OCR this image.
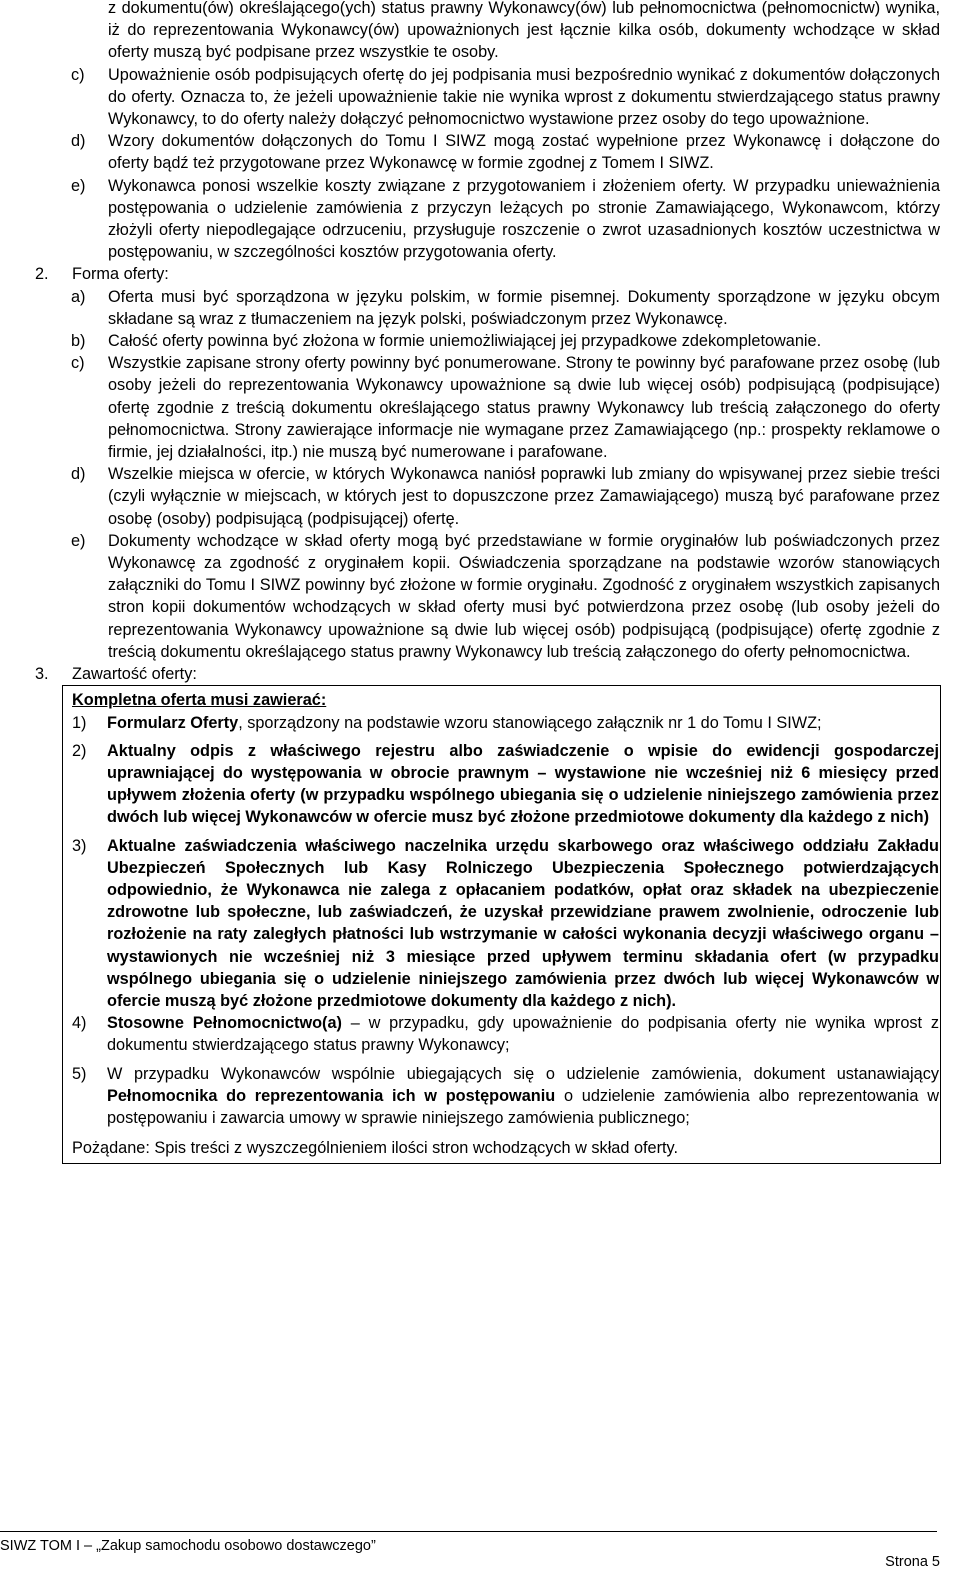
z dokumentu(ów) określającego(ych) status prawny Wykonawcy(ów) lub pełnomocnictwa (pełnomocnictw) wynika, iż do reprezentowania Wykonawcy(ów) upoważnionych jest łącznie kilka osób, dokumenty wchodzące w skład oferty muszą być podpisane przez wszystkie te osoby.
c) Upoważnienie osób podpisujących ofertę do jej podpisania musi bezpośrednio wynikać z dokumentów dołączonych do oferty. Oznacza to, że jeżeli upoważnienie takie nie wynika wprost z dokumentu stwierdzającego status prawny Wykonawcy, to do oferty należy dołączyć pełnomocnictwo wystawione przez osoby do tego upoważnione.
d) Wzory dokumentów dołączonych do Tomu I SIWZ mogą zostać wypełnione przez Wykonawcę i dołączone do oferty bądź też przygotowane przez Wykonawcę w formie zgodnej z Tomem I SIWZ.
e) Wykonawca ponosi wszelkie koszty związane z przygotowaniem i złożeniem oferty. W przypadku unieważnienia postępowania o udzielenie zamówienia z przyczyn leżących po stronie Zamawiającego, Wykonawcom, którzy złożyli oferty niepodlegające odrzuceniu, przysługuje roszczenie o zwrot uzasadnionych kosztów uczestnictwa w postępowaniu, w szczególności kosztów przygotowania oferty.
2. Forma oferty:
a) Oferta musi być sporządzona w języku polskim, w formie pisemnej. Dokumenty sporządzone w języku obcym składane są wraz z tłumaczeniem na język polski, poświadczonym przez Wykonawcę.
b) Całość oferty powinna być złożona w formie uniemożliwiającej jej przypadkowe zdekompletowanie.
c) Wszystkie zapisane strony oferty powinny być ponumerowane. Strony te powinny być parafowane przez osobę (lub osoby jeżeli do reprezentowania Wykonawcy upoważnione są dwie lub więcej osób) podpisującą (podpisujące) ofertę zgodnie z treścią dokumentu określającego status prawny Wykonawcy lub treścią załączonego do oferty pełnomocnictwa. Strony zawierające informacje nie wymagane przez Zamawiającego (np.: prospekty reklamowe o firmie, jej działalności, itp.) nie muszą być numerowane i parafowane.
d) Wszelkie miejsca w ofercie, w których Wykonawca naniósł poprawki lub zmiany do wpisywanej przez siebie treści (czyli wyłącznie w miejscach, w których jest to dopuszczone przez Zamawiającego) muszą być parafowane przez osobę (osoby) podpisującą (podpisującej) ofertę.
e) Dokumenty wchodzące w skład oferty mogą być przedstawiane w formie oryginałów lub poświadczonych przez Wykonawcę za zgodność z oryginałem kopii. Oświadczenia sporządzane na podstawie wzorów stanowiących załączniki do Tomu I SIWZ powinny być złożone w formie oryginału. Zgodność z oryginałem wszystkich zapisanych stron kopii dokumentów wchodzących w skład oferty musi być potwierdzona przez osobę (lub osoby jeżeli do reprezentowania Wykonawcy upoważnione są dwie lub więcej osób) podpisującą (podpisujące) ofertę zgodnie z treścią dokumentu określającego status prawny Wykonawcy lub treścią załączonego do oferty pełnomocnictwa.
3. Zawartość oferty:
Kompletna oferta musi zawierać:
1) Formularz Oferty, sporządzony na podstawie wzoru stanowiącego załącznik nr 1 do Tomu I SIWZ;
2) Aktualny odpis z właściwego rejestru albo zaświadczenie o wpisie do ewidencji gospodarczej uprawniającej do występowania w obrocie prawnym – wystawione nie wcześniej niż 6 miesięcy przed upływem złożenia oferty (w przypadku wspólnego ubiegania się o udzielenie niniejszego zamówienia przez dwóch lub więcej Wykonawców w ofercie musz być złożone przedmiotowe dokumenty dla każdego z nich)
3) Aktualne zaświadczenia właściwego naczelnika urzędu skarbowego oraz właściwego oddziału Zakładu Ubezpieczeń Społecznych lub Kasy Rolniczego Ubezpieczenia Społecznego potwierdzających odpowiednio, że Wykonawca nie zalega z opłacaniem podatków, opłat oraz składek na ubezpieczenie zdrowotne lub społeczne, lub zaświadczeń, że uzyskał przewidziane prawem zwolnienie, odroczenie lub rozłożenie na raty zaległych płatności lub wstrzymanie w całości wykonania decyzji właściwego organu – wystawionych nie wcześniej niż 3 miesiące przed upływem terminu składania ofert (w przypadku wspólnego ubiegania się o udzielenie niniejszego zamówienia przez dwóch lub więcej Wykonawców w ofercie muszą być złożone przedmiotowe dokumenty dla każdego z nich).
4) Stosowne Pełnomocnictwo(a) – w przypadku, gdy upoważnienie do podpisania oferty nie wynika wprost z dokumentu stwierdzającego status prawny Wykonawcy;
5) W przypadku Wykonawców wspólnie ubiegających się o udzielenie zamówienia, dokument ustanawiający Pełnomocnika do reprezentowania ich w postępowaniu o udzielenie zamówienia albo reprezentowania w postępowaniu i zawarcia umowy w sprawie niniejszego zamówienia publicznego;
Pożądane: Spis treści z wyszczególnieniem ilości stron wchodzących w skład oferty.
SIWZ TOM I – „Zakup samochodu osobowo dostawczego”
Strona 5
